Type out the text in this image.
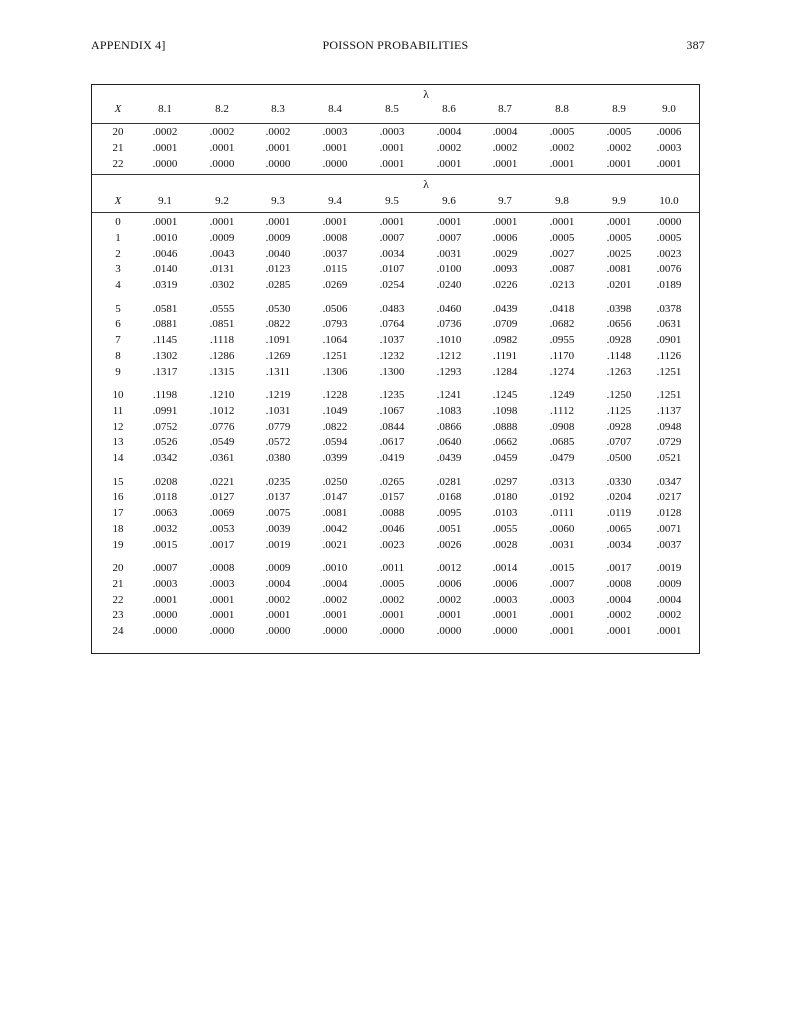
APPENDIX 4]	POISSON PROBABILITIES	387
λ
X	8.1	8.2	8.3	8.4	8.5	8.6	8.7	8.8	8.9	9.0
20	.0002	.0002	.0002	.0003	.0003	.0004	.0004	.0005	.0005 .0006
21	.0001	.0001	.0001	.0001	.0001	.0002	.0002	.0002	.0002 .0003
22	.0000	.0000	.0000	.0000	.0001	.0001	.0001	.0001	.0001 .0001
λ
X	9.1	9.2	9.3	9.4	9.5	9.6	9.7	9.8	9.9	10.0
0	.0001	.0001	.0001	.0001	.0001	.0001	.0001	.0001	.0001 .0000
1	.0010	.0009	.0009	.0008	.0007	.0007	.0006	.0005	.0005 .0005
2	.0046	.0043	.0040	.0037	.0034	.0031	.0029	.0027	.0025 .0023
3	.0140	.0131	.0123	.0115	.0107	.0100	.0093	.0087	.0081 .0076
4	.0319	.0302	.0285	.0269	.0254	.0240	.0226	.0213	.0201 .0189
5	.0581	.0555	.0530	.0506	.0483	.0460	.0439	.0418	.0398 .0378
6	.0881	.0851	.0822	.0793	.0764	.0736	.0709	.0682	.0656 .0631
7	.1145	.1118	.1091	.1064	.1037	.1010	.0982	.0955	.0928 .0901
8	.1302	.1286	.1269	.1251	.1232	.1212	.1191	.1170	.1148 .1126
9	.1317	.1315	.1311	.1306	.1300	.1293	.1284	.1274	.1263 .1251
10	.1198	.1210	.1219	.1228	.1235	.1241	.1245	.1249	.1250 .1251
11	.0991	.1012	.1031	.1049	.1067	.1083	.1098	.1112	.1125 .1137
12	.0752	.0776	.0779	.0822	.0844	.0866	.0888	.0908	.0928 .0948
13	.0526	.0549	.0572	.0594	.0617	.0640	.0662	.0685	.0707 .0729
14	.0342	.0361	.0380	.0399	.0419	.0439	.0459	.0479	.0500 .0521
15	.0208	.0221	.0235	.0250	.0265	.0281	.0297	.0313	.0330 .0347
16	.0118	.0127	.0137	.0147	.0157	.0168	.0180	.0192	.0204 .0217
17	.0063	.0069	.0075	.0081	.0088	.0095	.0103	.0111	.0119 .0128
18	.0032	.0053	.0039	.0042	.0046	.0051	.0055	.0060	.0065 .0071
19	.0015	.0017	.0019	.0021	.0023	.0026	.0028	.0031	.0034 .0037
20	.0007	.0008	.0009	.0010	.0011	.0012	.0014	.0015	.0017 .0019
21	.0003	.0003	.0004	.0004	.0005	.0006	.0006	.0007	.0008 .0009
22	.0001	.0001	.0002	.0002	.0002	.0002	.0003	.0003	.0004 .0004
23	.0000	.0001	.0001	.0001	.0001	.0001	.0001	.0001	.0002 .0002
24	.0000	.0000	.0000	.0000	.0000	.0000	.0000	.0001	.0001 .0001
